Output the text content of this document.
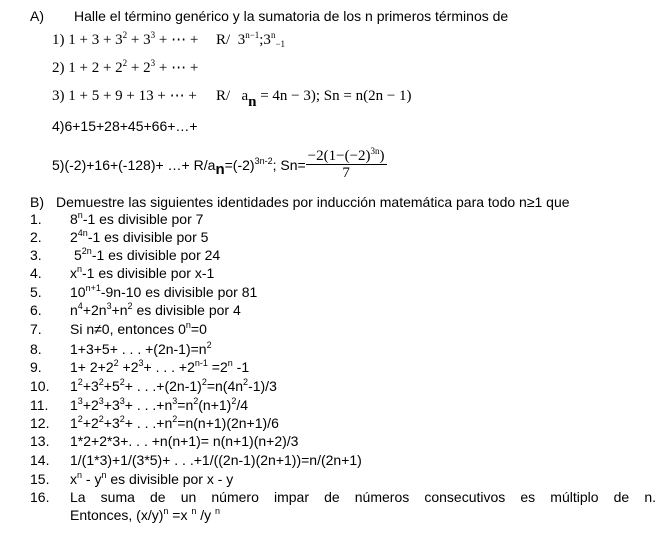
A) Halle el término genérico y la sumatoria de los n primeros términos de
1) $1 + 3 + 3^2 + 3^3$ + ⋯ + R/ $3^{n-1};3^n_{-1}$
2) $1 + 2 + 2^2 + 2^3$ + ⋯ +
3) 1 + 5 + 9 + 13 + ⋯ + R/ an = 4n − 3); Sn = n(2n − 1)
4)6+15+28+45+66+…+
5)(-2)+16+(-128)+ …+ $R/an=(-2)^{3n-2}$; $Sn= \frac{-2(1-(-2)^{3n})}{7}$
B) Demuestre las siguientes identidades por inducción matemática para todo n≥1 que
1.	8$^n$-1 es divisible por 7
2.	$2^{4n}-1$ es divisible por 5
3.	$5^{2n}-1$ es divisible por 24
4.	$x^n-1$ es divisible por x-1
5.	$10^{n+1}-9n-10$ es divisible por 81
6.	$n^4+2n^3+n^2$ es divisible por 4
7.	Si n≠0, entonces $0^n=0$
8.	1+3+5+ . . . $+(2n-1)=n^2$
9.	$1+ 2+2^2 +2^3+$ . . . $+2^{n-1} =2^n$ -1
10.	$1^2+3^2+5^2+$ . . $.+(2n-1)^2=n(4n^2-1)/3$
11.	$1^3+2^3+3^3+$ . . $.+n^3=n^2(n+1)^2/4$
12.	$1^2+2^2+3^2+$ . . $.+n^2=n(n+1)(2n+1)/6$
13.	1*2+2*3+. . . +n(n+1)= n(n+1)(n+2)/3
14.	1/(1*3)+1/(3*5)+ . . .+1/((2n-1)(2n+1))=n/(2n+1)
15.	$x^n - y^n$ es divisible por x - y
16.	La suma de un número impar de números consecutivos es múltiplo de n.
Entonces, $(x/y)^n =x$ $^n$ /y $^n$
